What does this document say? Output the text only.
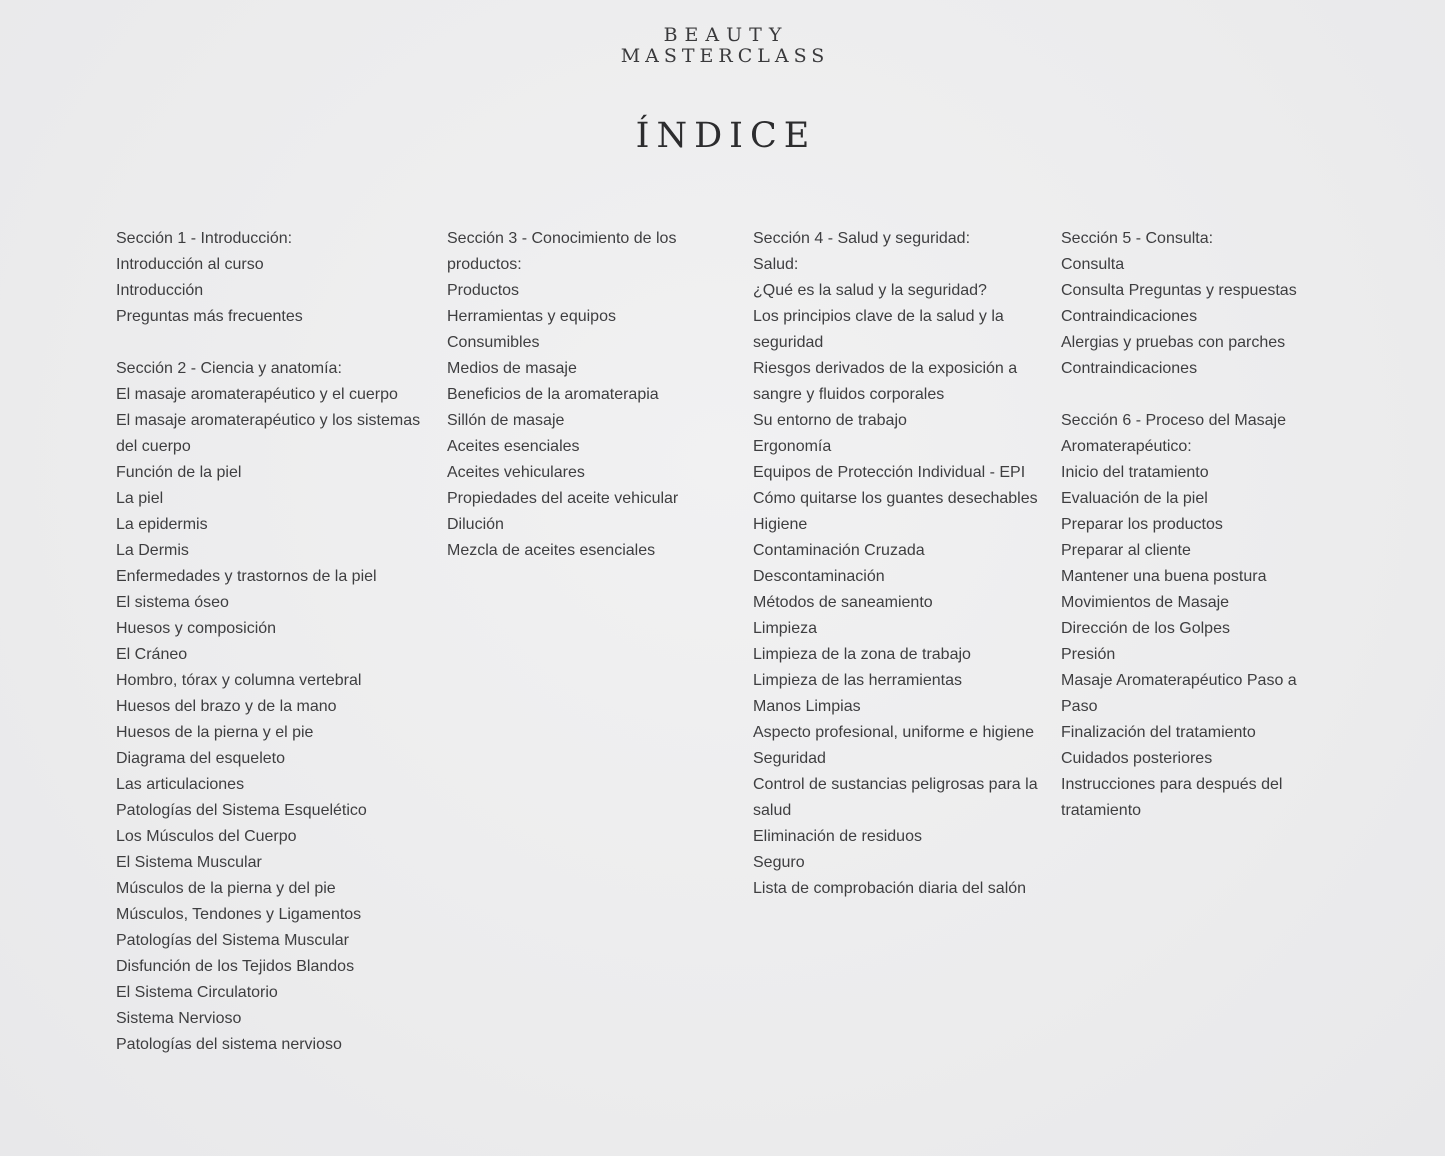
BEAUTY
MASTERCLASS
ÍNDICE
Sección 1 - Introducción:
Introducción al curso
Introducción
Preguntas más frecuentes
Sección 2 - Ciencia y anatomía:
El masaje aromaterapéutico y el cuerpo
El masaje aromaterapéutico y los sistemas del cuerpo
Función de la piel
La piel
La epidermis
La Dermis
Enfermedades y trastornos de la piel
El sistema óseo
Huesos y composición
El Cráneo
Hombro, tórax y columna vertebral
Huesos del brazo y de la mano
Huesos de la pierna y el pie
Diagrama del esqueleto
Las articulaciones
Patologías del Sistema Esquelético
Los Músculos del Cuerpo
El Sistema Muscular
Músculos de la pierna y del pie
Músculos, Tendones y Ligamentos
Patologías del Sistema Muscular
Disfunción de los Tejidos Blandos
El Sistema Circulatorio
Sistema Nervioso
Patologías del sistema nervioso
Sección 3 - Conocimiento de los productos:
Productos
Herramientas y equipos
Consumibles
Medios de masaje
Beneficios de la aromaterapia
Sillón de masaje
Aceites esenciales
Aceites vehiculares
Propiedades del aceite vehicular
Dilución
Mezcla de aceites esenciales
Sección 4 - Salud y seguridad:
Salud:
¿Qué es la salud y la seguridad?
Los principios clave de la salud y la seguridad
Riesgos derivados de la exposición a sangre y fluidos corporales
Su entorno de trabajo
Ergonomía
Equipos de Protección Individual - EPI
Cómo quitarse los guantes desechables
Higiene
Contaminación Cruzada
Descontaminación
Métodos de saneamiento
Limpieza
Limpieza de la zona de trabajo
Limpieza de las herramientas
Manos Limpias
Aspecto profesional, uniforme e higiene
Seguridad
Control de sustancias peligrosas para la salud
Eliminación de residuos
Seguro
Lista de comprobación diaria del salón
Sección 5 - Consulta:
Consulta
Consulta Preguntas y respuestas
Contraindicaciones
Alergias y pruebas con parches
Contraindicaciones
Sección 6 - Proceso del Masaje Aromaterapéutico:
Inicio del tratamiento
Evaluación de la piel
Preparar los productos
Preparar al cliente
Mantener una buena postura
Movimientos de Masaje
Dirección de los Golpes
Presión
Masaje Aromaterapéutico Paso a Paso
Finalización del tratamiento
Cuidados posteriores
Instrucciones para después del tratamiento
